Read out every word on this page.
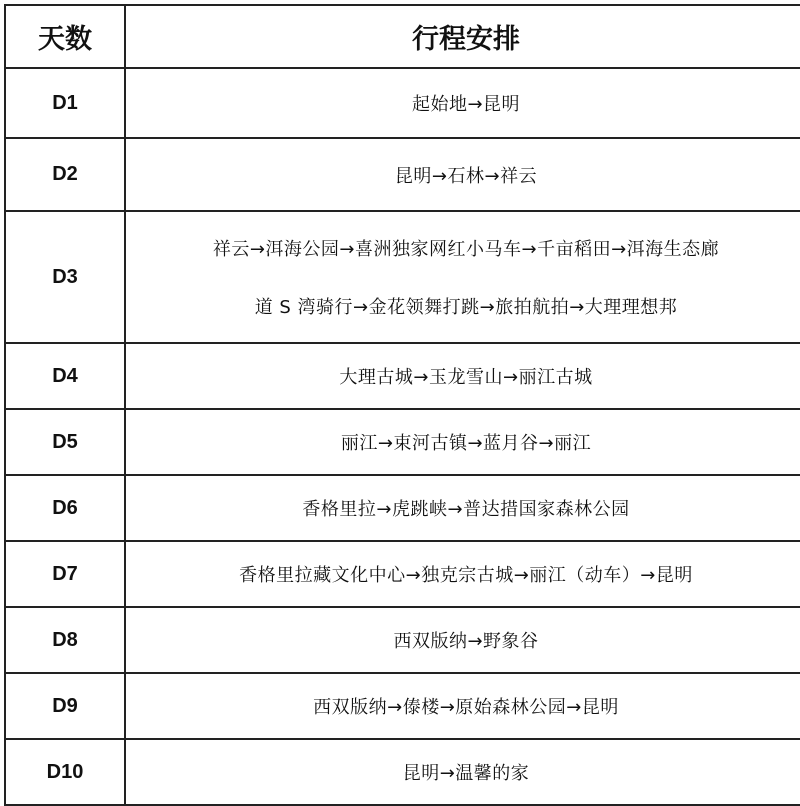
天数	行程安排
D1	起始地→昆明

D2	昆明→石林→祥云

D3	祥云→洱海公园→喜洲独家网红小马车→千亩稻田→洱海生态廊
道 S 湾骑行→金花领舞打跳→旅拍航拍→大理理想邦

D4	大理古城→玉龙雪山→丽江古城

D5	丽江→束河古镇→蓝月谷→丽江

D6	香格里拉→虎跳峡→普达措国家森林公园

D7	香格里拉藏文化中心→独克宗古城→丽江（动车）→昆明

D8	西双版纳→野象谷

D9	西双版纳→傣楼→原始森林公园→昆明

D10	昆明→温馨的家
